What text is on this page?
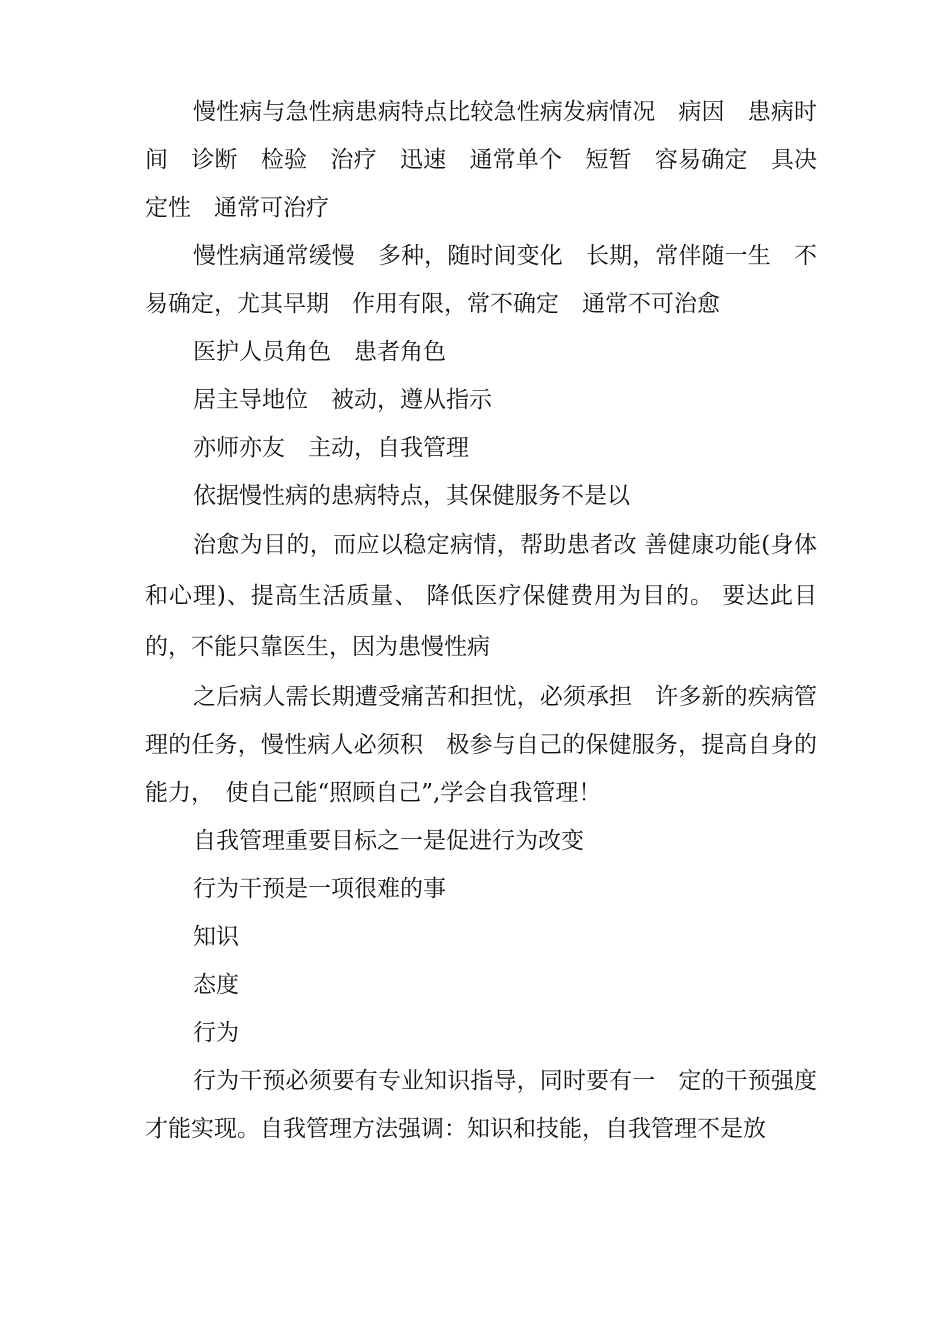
慢性病与急性病患病特点比较急性病发病情况　病因　患病时间　诊断　检验　治疗　迅速　通常单个　短暂　容易确定　具决定性　通常可治疗

慢性病通常缓慢　多种，随时间变化　长期，常伴随一生　不易确定，尤其早期　作用有限，常不确定　通常不可治愈

医护人员角色　患者角色

居主导地位　被动，遵从指示

亦师亦友　主动，自我管理

依据慢性病的患病特点，其保健服务不是以

治愈为目的，而应以稳定病情，帮助患者改 善健康功能(身体和心理)、提高生活质量、 降低医疗保健费用为目的。 要达此目的，不能只靠医生，因为患慢性病

之后病人需长期遭受痛苦和担忧，必须承担　许多新的疾病管理的任务，慢性病人必须积　极参与自己的保健服务，提高自身的能力，　使自己能“照顾自己”,学会自我管理！

自我管理重要目标之一是促进行为改变

行为干预是一项很难的事

知识

态度

行为

行为干预必须要有专业知识指导，同时要有一　定的干预强度才能实现。自我管理方法强调：知识和技能，自我管理不是放
